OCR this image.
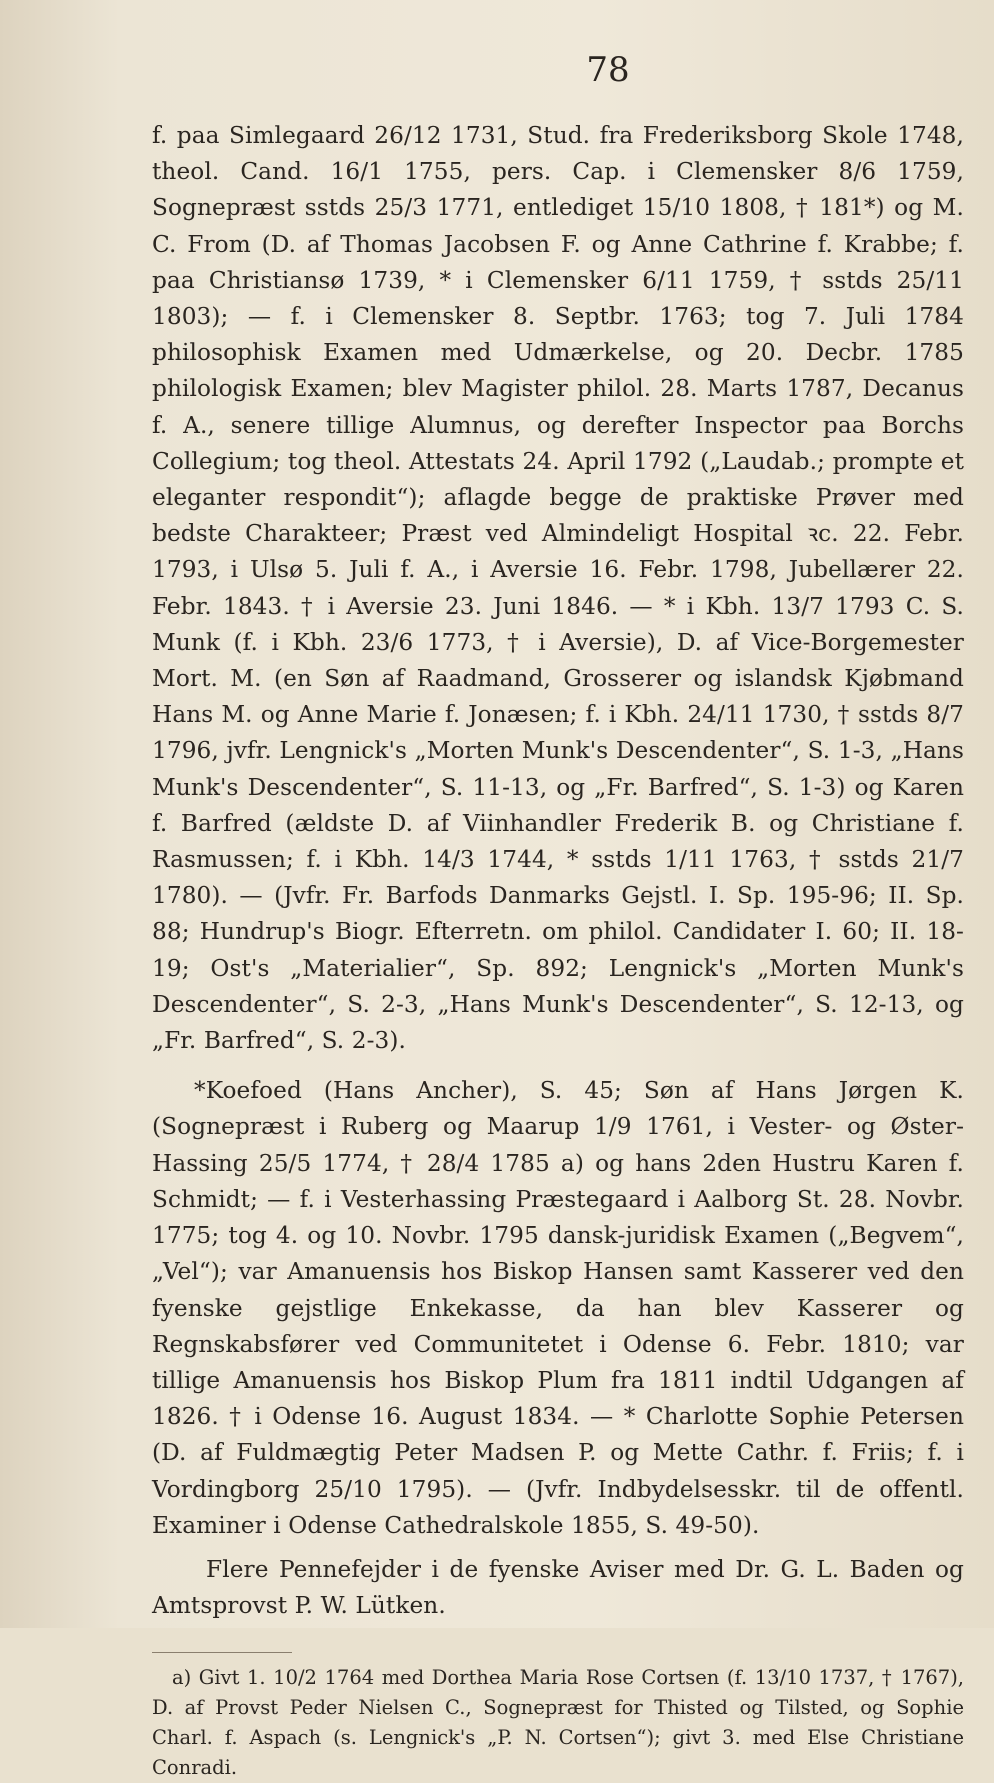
78

f. paa Simlegaard 26/12 1731, Stud. fra Frederiksborg Skole 1748, theol. Cand. 16/1 1755, pers. Cap. i Clemensker 8/6 1759, Sognepræst sstds 25/3 1771, entlediget 15/10 1808, † 181*) og M. C. From (D. af Thomas Jacobsen F. og Anne Cathrine f. Krabbe; f. paa Christiansø 1739, * i Clemensker 6/11 1759, † sstds 25/11 1803); — f. i Clemensker 8. Septbr. 1763; tog 7. Juli 1784 philosophisk Examen med Udmærkelse, og 20. Decbr. 1785 philologisk Examen; blev Magister philol. 28. Marts 1787, Decanus f. A., senere tillige Alumnus, og derefter Inspector paa Borchs Collegium; tog theol. Attestats 24. April 1792 („Laudab.; prompte et eleganter respondit“); aflagde begge de praktiske Prøver med bedste Charakteer; Præst ved Almindeligt Hospital ꝛc. 22. Febr. 1793, i Ulsø 5. Juli f. A., i Aversie 16. Febr. 1798, Jubellærer 22. Febr. 1843. † i Aversie 23. Juni 1846. — * i Kbh. 13/7 1793 C. S. Munk (f. i Kbh. 23/6 1773, † i Aversie), D. af Vice-Borgemester Mort. M. (en Søn af Raadmand, Grosserer og islandsk Kjøbmand Hans M. og Anne Marie f. Jonæsen; f. i Kbh. 24/11 1730, † sstds 8/7 1796, jvfr. Lengnick's „Morten Munk's Descendenter“, S. 1-3, „Hans Munk's Descendenter“, S. 11-13, og „Fr. Barfred“, S. 1-3) og Karen f. Barfred (ældste D. af Viinhandler Frederik B. og Christiane f. Rasmussen; f. i Kbh. 14/3 1744, * sstds 1/11 1763, † sstds 21/7 1780). — (Jvfr. Fr. Barfods Danmarks Gejstl. I. Sp. 195-96; II. Sp. 88; Hundrup's Biogr. Efterretn. om philol. Candidater I. 60; II. 18-19; Ost's „Materialier“, Sp. 892; Lengnick's „Morten Munk's Descendenter“, S. 2-3, „Hans Munk's Descendenter“, S. 12-13, og „Fr. Barfred“, S. 2-3).

*Koefoed (Hans Ancher), S. 45; Søn af Hans Jørgen K. (Sognepræst i Ruberg og Maarup 1/9 1761, i Vester- og Øster-Hassing 25/5 1774, † 28/4 1785 a) og hans 2den Hustru Karen f. Schmidt; — f. i Vesterhassing Præstegaard i Aalborg St. 28. Novbr. 1775; tog 4. og 10. Novbr. 1795 dansk-juridisk Examen („Begvem“, „Vel“); var Amanuensis hos Biskop Hansen samt Kasserer ved den fyenske gejstlige Enkekasse, da han blev Kasserer og Regnskabsfører ved Communitetet i Odense 6. Febr. 1810; var tillige Amanuensis hos Biskop Plum fra 1811 indtil Udgangen af 1826. † i Odense 16. August 1834. — * Charlotte Sophie Petersen (D. af Fuldmægtig Peter Madsen P. og Mette Cathr. f. Friis; f. i Vordingborg 25/10 1795). — (Jvfr. Indbydelsesskr. til de offentl. Examiner i Odense Cathedralskole 1855, S. 49-50).

Flere Pennefejder i de fyenske Aviser med Dr. G. L. Baden og Amtsprovst P. W. Lütken.

a) Givt 1. 10/2 1764 med Dorthea Maria Rose Cortsen (f. 13/10 1737, † 1767), D. af Provst Peder Nielsen C., Sognepræst for Thisted og Tilsted, og Sophie Charl. f. Aspach (s. Lengnick's „P. N. Cortsen“); givt 3. med Else Christiane Conradi.
